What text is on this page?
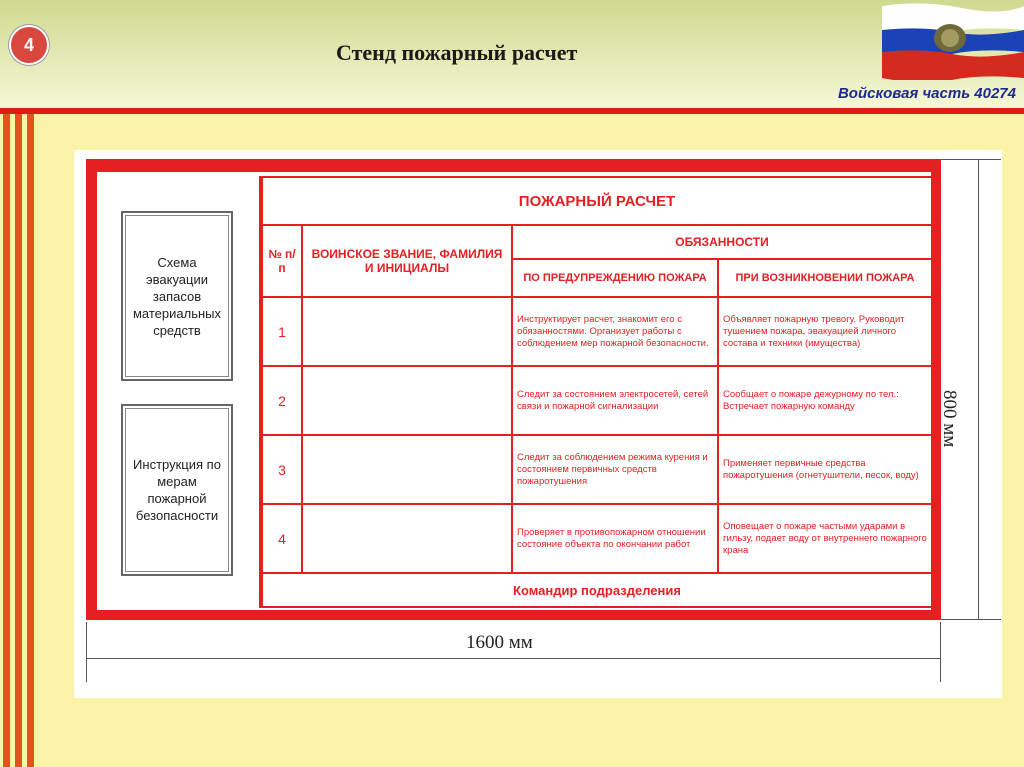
4	Стенд пожарный расчет
Войсковая часть 40274
Схема эвакуации запасов материальных средств
Инструкция по мерам пожарной безопасности
ПОЖАРНЫЙ РАСЧЕТ			
№ п/п	ВОИНСКОЕ ЗВАНИЕ, ФАМИЛИЯ И ИНИЦИАЛЫ	ОБЯЗАННОСТИ	
		ПО ПРЕДУПРЕЖДЕНИЮ ПОЖАРА	ПРИ ВОЗНИКНОВЕНИИ ПОЖАРА
1		Инструктирует расчет, знакомит его с обязанностями. Организует работы с соблюдением мер пожарной безопасности.	Объявляет пожарную тревогу. Руководит тушением пожара, эвакуацией личного состава и техники (имущества)
2		Следит за состоянием электросетей, сетей связи и пожарной сигнализации	Сообщает о пожаре дежурному по тел.: Встречает пожарную команду
3		Следит за соблюдением режима курения и состоянием первичных средств пожаротушения	Применяет первичные средства пожаротушения (огнетушители, песок, воду)
4		Проверяет в противопожарном отношении состояние объекта по окончании работ	Оповещает о пожаре частыми ударами в гильзу, подает воду от внутреннего пожарного крана
Командир подразделения			
1600 мм
800 мм
